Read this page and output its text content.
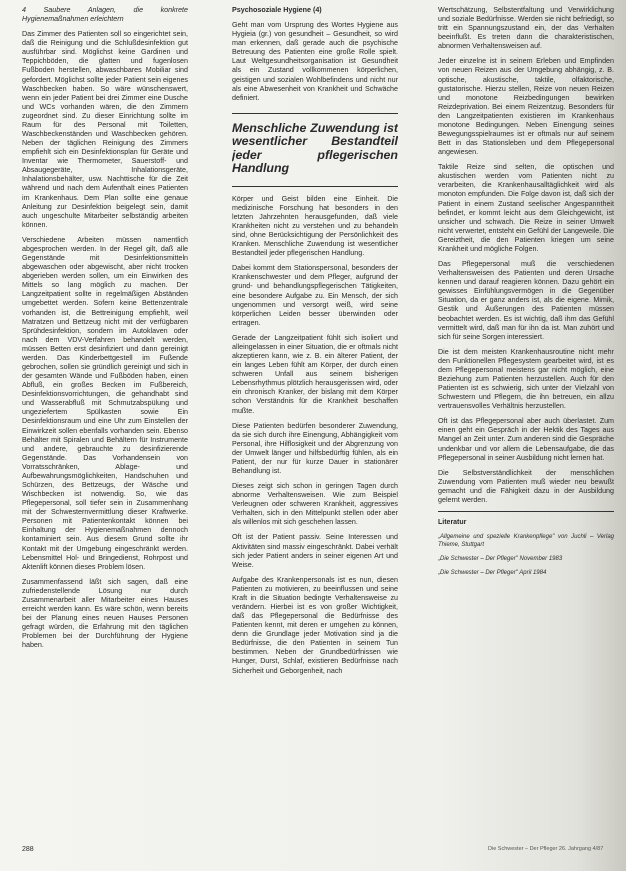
4 Saubere Anlagen, die konkrete Hygienemaßnahmen erleichtern

Das Zimmer des Patienten soll so eingerichtet sein, daß die Reinigung und die Schlußdesinfektion gut ausführbar sind. Möglichst keine Gardinen und Teppichböden, die glatten und fugenlosen Fußboden herstellen, abwaschbares Mobiliar sind gefordert. Möglichst sollte jeder Patient sein eigenes Waschbecken haben. So wäre wünschenswert, wenn ein jeder Patient bei drei Zimmer eine Dusche und WCs vorhanden wären, die den Zimmern zugeordnet sind. Zu dieser Einrichtung sollte im Raum für des Personal mit Toiletten, Waschbeckenständen und Waschbecken gehören. Neben der täglichen Reinigung des Zimmers empfiehlt sich ein Desinfektionsplan für Geräte und Inventar wie Thermometer, Sauerstoff- und Absaugegeräte, Inhalationsgeräte, Inhalationsbehälter, usw. Nachttische für die Zeit während und nach dem Aufenthalt eines Patienten im Krankenhaus. Dem Plan sollte eine genaue Anleitung zur Desinfektion beigelegt sein, damit auch ungeschulte Mitarbeiter selbständig arbeiten können.

Verschiedene Arbeiten müssen namentlich abgesprochen werden. In der Regel gilt, daß alle Gegenstände mit Desinfektionsmitteln abgewaschen oder abgewischt, aber nicht trocken abgerieben werden sollen, um ein Einwirken des Mittels so lang möglich zu machen. Der Langzeitpatient sollte in regelmäßigen Abständen umgebettet werden. Sofern keine Bettenzentrale vorhanden ist, die Bettreinigung empfiehlt, weil Matratzen und Bettzeug nicht mit der verfügbaren Sprühdesinfektion, sondern im Autoklaven oder nach dem VDV-Verfahren behandelt werden, müssen Betten erst desinfiziert und dann gereinigt werden. Das Kinderbettgestell im Fußende gebrochen, sollen sie gründlich gereinigt und sich in der gesamten Wände und Fußböden haben, einen Abfluß, ein großes Becken im Fußbereich, Desinfektionsvorrichtungen, die gehandhabt sind und Wasserabfluß mit Schmutzabspülung und ungeziefertem Spülkasten sowie Ein Desinfektionsraum und eine Uhr zum Einstellen der Einwirkzeit sollen ebenfalls vorhanden sein. Ebenso Behälter mit Spiralen und Behältern für Instrumente und andere, gebrauchte zu desinfizierende Gegenstände. Das Vorhandensein von Vorratsschränken, Ablage- und Aufbewahrungsmöglichkeiten, Handschuhen und Schürzen, des Bettzeugs, der Wäsche und Wischbecken ist notwendig. So, wie das Pflegepersonal, soll tiefer sein in Zusammenhang mit der Schwesternvermittlung dieser Kraftwerke. Personen mit Patientenkontakt können bei Einhaltung der Hygienemaßnahmen dennoch kontaminiert sein. Aus diesem Grund sollte ihr Kontakt mit der Umgebung eingeschränkt werden. Lebensmittel Hol- und Bringedienst, Rohrpost und Aktenlift können dieses Problem lösen.

Zusammenfassend läßt sich sagen, daß eine zufriedenstellende Lösung nur durch Zusammenarbeit aller Mitarbeiter eines Hauses erreicht werden kann. Es wäre schön, wenn bereits bei der Planung eines neuen Hauses Personen gefragt würden, die Erfahrung mit den täglichen Problemen bei der Durchführung der Hygiene haben.

Psychosoziale Hygiene (4)

Geht man vom Ursprung des Wortes Hygiene aus Hygieia (gr.) von gesundheit – Gesundheit, so wird man erkennen, daß gerade auch die psychische Betreuung des Patienten eine große Rolle spielt. Laut Weltgesundheitsorganisation ist Gesundheit als ein Zustand vollkommenen körperlichen, geistigen und sozialen Wohlbefindens und nicht nur als eine Abwesenheit von Krankheit und Schwäche definiert.

Menschliche Zuwendung ist wesentlicher Bestandteil jeder pflegerischen Handlung

Körper und Geist bilden eine Einheit. Die medizinische Forschung hat besonders in den letzten Jahrzehnten herausgefunden, daß viele Krankheiten nicht zu verstehen und zu behandeln sind, ohne Berücksichtigung der Persönlichkeit des Kranken. Menschliche Zuwendung ist wesentlicher Bestandteil jeder pflegerischen Handlung.

Dabei kommt dem Stationspersonal, besonders der Krankenschwester und dem Pfleger, aufgrund der grund- und behandlungspflegerischen Tätigkeiten, eine besondere Aufgabe zu. Ein Mensch, der sich ungenommen und versorgt weiß, wird seine körperlichen Leiden besser überwinden oder ertragen.

Gerade der Langzeitpatient fühlt sich isoliert und alleingelassen in einer Situation, die er oftmals nicht akzeptieren kann, wie z. B. ein älterer Patient, der ein langes Leben fühlt am Körper, der durch einen schweren Unfall aus seinem bisherigen Lebensrhythmus plötzlich herausgerissen wird, oder ein chronisch Kranker, der bislang mit dem Körper schon Verständnis für die Krankheit beschaffen mußte.

Diese Patienten bedürfen besonderer Zuwendung, da sie sich durch ihre Einengung, Abhängigkeit vom Personal, ihre Hilflosigkeit und der Abgrenzung von der Umwelt länger und hilfsbedürftig fühlen, als ein Patient, der nur für kurze Dauer in stationärer Behandlung ist.

Dieses zeigt sich schon in geringen Tagen durch abnorme Verhaltensweisen. Wie zum Beispiel Verleugnen oder schweren Krankheit, aggressives Verhalten, sich in den Mittelpunkt stellen oder aber als willenlos mit sich geschehen lassen.

Oft ist der Patient passiv. Seine Interessen und Aktivitäten sind massiv eingeschränkt. Dabei verhält sich jeder Patient anders in seiner eigenen Art und Weise.

Aufgabe des Krankenpersonals ist es nun, diesen Patienten zu motivieren, zu beeinflussen und seine Kraft in die Situation bedingte Verhaltensweise zu verändern. Hierbei ist es von großer Wichtigkeit, daß das Pflegepersonal die Bedürfnisse des Patienten kennt, mit deren er umgehen zu können, denn die Grundlage jeder Motivation sind ja die Bedürfnisse, die den Patienten in seinem Tun bestimmen. Neben der Grundbedürfnissen wie Hunger, Durst, Schlaf, existieren Bedürfnisse nach Sicherheit und Geborgenheit, nach

Wertschätzung, Selbstentfaltung und Verwirklichung und soziale Bedürfnisse. Werden sie nicht befriedigt, so tritt ein Spannungszustand ein, der das Verhalten beeinflußt. Es treten dann die charakteristischen, abnormen Verhaltensweisen auf.

Jeder einzelne ist in seinem Erleben und Empfinden von neuen Reizen aus der Umgebung abhängig, z. B. optische, akustische, taktile, olfaktorische, gustatorische. Hierzu stellen, Reize von neuen Reizen und monotone Reizbedingungen bewirken Reizdeprivation. Bei einem Reizentzug. Besonders für den Langzeitpatienten existieren im Krankenhaus monotone Bedingungen. Neben Einengung seines Bewegungsspielraumes ist er oftmals nur auf seinem Bett in das Stationsleben und dem Pflegepersonal angewiesen.

Taktile Reize sind selten, die optischen und akustischen werden vom Patienten nicht zu verarbeiten, die Krankenhausalltäglichkeit wird als monoton empfunden. Die Folge davon ist, daß sich der Patient in einem Zustand seelischer Angespanntheit befindet, er kommt leicht aus dem Gleichgewicht, ist unsicher und schwach. Die Reize in seiner Umwelt nicht verwertet, entsteht ein Gefühl der Langeweile. Die Gereiztheit, die den Patienten kriegen um seine Krankheit und mögliche Folgen.

Das Pflegepersonal muß die verschiedenen Verhaltensweisen des Patienten und deren Ursache kennen und darauf reagieren können. Dazu gehört ein gewisses Einfühlungsvermögen in die Gegenüber Situation, da er ganz anders ist, als die eigene. Mimik, Gestik und Äußerungen des Patienten müssen beobachtet werden. Es ist wichtig, daß ihm das Gefühl vermittelt wird, daß man für ihn da ist. Man zuhört und sich für seine Sorgen interessiert.

Die ist dem meisten Krankenhausroutine nicht mehr den Funktionellen Pflegesystem gearbeitet wird, ist es dem Pflegepersonal meistens gar nicht möglich, eine Beziehung zum Patienten herzustellen. Auch für den Patienten ist es schwierig, sich unter der Vielzahl von Schwestern und Pflegern, die ihn betreuen, ein allzu vertrauensvolles Verhältnis herzustellen.

Oft ist das Pflegepersonal aber auch überlastet. Zum einen geht ein Gespräch in der Hektik des Tages aus Mangel an Zeit unter. Zum anderen sind die Gespräche undenkbar und vor allem die Lebensaufgabe, die das Pflegepersonal in seiner Ausbildung nicht lernen hat.

Die Selbstverständlichkeit der menschlichen Zuwendung vom Patienten muß wieder neu bewußt gemacht und die Fähigkeit dazu in der Ausbildung gelernt werden.

Literatur

„Allgemeine und spezielle Krankenpflege" von Juchli – Verlag Thieme, Stuttgart

„Die Schwester – Der Pfleger" November 1983

„Die Schwester – Der Pfleger" April 1984

288	Die Schwester – Der Pfleger 26. Jahrgang 4/87
